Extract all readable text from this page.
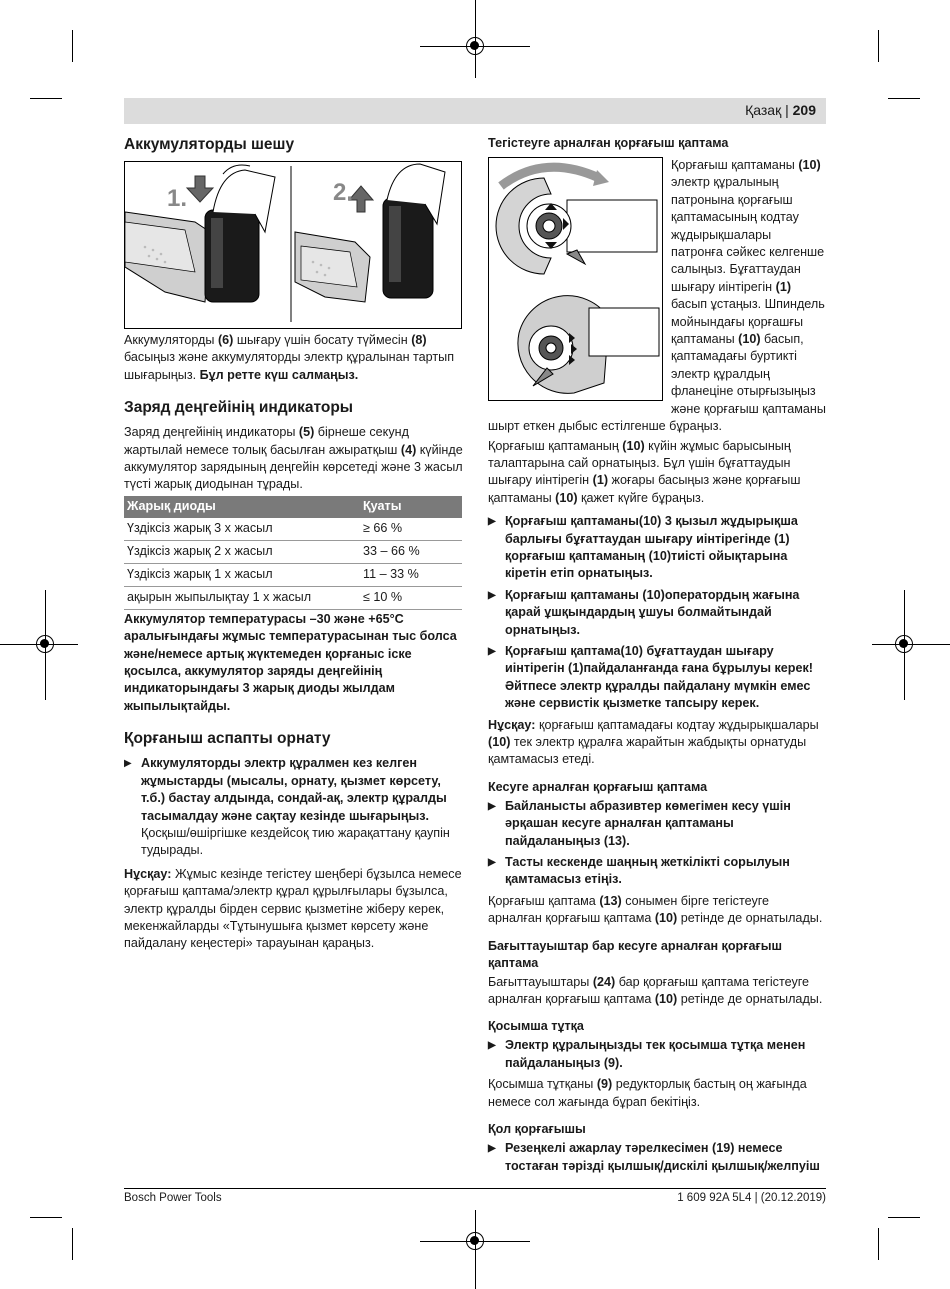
Қазақ | 209
Аккумуляторды шешу
1.	2.

Аккумуляторды (6) шығару үшін босату түймесін (8) басыңыз және аккумуляторды электр құралынан тартып шығарыңыз. Бұл ретте күш салмаңыз.

Заряд деңгейінің индикаторы

Заряд деңгейінің индикаторы (5) бірнеше секунд жартылай немесе толық басылған ажыратқыш (4) күйінде аккумулятор зарядының деңгейін көрсетеді және 3 жасыл түсті жарық диодынан тұрады.

Жарық диоды	Қуаты
Үздіксіз жарық 3 х жасыл	≥ 66 %
Үздіксіз жарық 2 х жасыл	33 – 66 %
Үздіксіз жарық 1 х жасыл	11 – 33 %
ақырын жыпылықтау 1 х жасыл	≤ 10 %

Аккумулятор температурасы –30 және +65°C аралығындағы жұмыс температурасынан тыс болса және/немесе артық жүктемеден қорғаныс іске қосылса, аккумулятор заряды деңгейінің индикаторындағы 3 жарық диоды жылдам жыпылықтайды.

Қорғаныш аспапты орнату
▶ Аккумуляторды электр құралмен кез келген жұмыстарды (мысалы, орнату, қызмет көрсету, т.б.) бастау алдында, сондай-ақ, электр құралды тасымалдау және сақтау кезінде шығарыңыз. Қосқыш/өшіргішке кездейсоқ тию жарақаттану қаупін тудырады.

Нұсқау: Жұмыс кезінде тегістеу шеңбері бұзылса немесе қорғағыш қаптама/электр құрал құрылғылары бұзылса, электр құралды бірден сервис қызметіне жіберу керек, мекенжайларды «Тұтынушыға қызмет көрсету және пайдалану кеңестері» тарауынан қараңыз.

Тегістеуге арналған қорғағыш қаптама

Қорғағыш қаптаманы (10) электр құралының патронына қорғағыш қаптамасының кодтау жұдырықшалары патронға сәйкес келгенше салыңыз. Бұғаттаудан шығару иінтірегін (1) басып ұстаңыз. Шпиндель мойнындағы қорғашғы қаптаманы (10) басып, қаптамадағы буртикті электр құралдың фланеціне отырғызыңыз және қорғағыш қаптаманы шырт еткен дыбыс естілгенше бұраңыз.

Қорғағыш қаптаманың (10) күйін жұмыс барысының талаптарына сай орнатыңыз. Бұл үшін бұғаттаудын шығару иінтірегін (1) жоғары басыңыз және қорғағыш қаптаманы (10) қажет күйге бұраңыз.

▶ Қорғағыш қаптаманы(10) 3 қызыл жұдырықша барлығы бұғаттаудан шығару иінтірегінде (1) қорғағыш қаптаманың (10)тиісті ойықтарына кіретін етіп орнатыңыз.
▶ Қорғағыш қаптаманы (10)оператордың жағына қарай ұшқындардың ұшуы болмайтындай орнатыңыз.
▶ Қорғағыш қаптама(10) бұғаттаудан шығару иінтірегін (1)пайдаланғанда ғана бұрылуы керек! Әйтпесе электр құралды пайдалану мүмкін емес және сервистік қызметке тапсыру керек.

Нұсқау: қорғағыш қаптамадағы кодтау жұдырықшалары (10) тек электр құралға жарайтын жабдықты орнатуды қамтамасыз етеді.

Кесуге арналған қорғағыш қаптама
▶ Байланысты абразивтер көмегімен кесу үшін әрқашан кесуге арналған қаптаманы пайдаланыңыз (13).
▶ Тасты кескенде шаңның жеткілікті сорылуын қамтамасыз етіңіз.

Қорғағыш қаптама (13) сонымен бірге тегістеуге арналған қорғағыш қаптама (10) ретінде де орнатылады.

Бағыттауыштар бар кесуге арналған қорғағыш қаптама

Бағыттауыштары (24) бар қорғағыш қаптама тегістеуге арналған қорғағыш қаптама (10) ретінде де орнатылады.

Қосымша тұтқа
▶ Электр құралыңызды тек қосымша тұтқа менен пайдаланыңыз (9).

Қосымша тұтқаны (9) редукторлық бастың оң жағында немесе сол жағында бұрап бекітіңіз.

Қол қорғағышы
▶ Резеңкелі ажарлау тәрелкесімен (19) немесе тостаған тәрізді қылшық/дискілі қылшық/желпуіш
Bosch Power Tools	1 609 92A 5L4 | (20.12.2019)
